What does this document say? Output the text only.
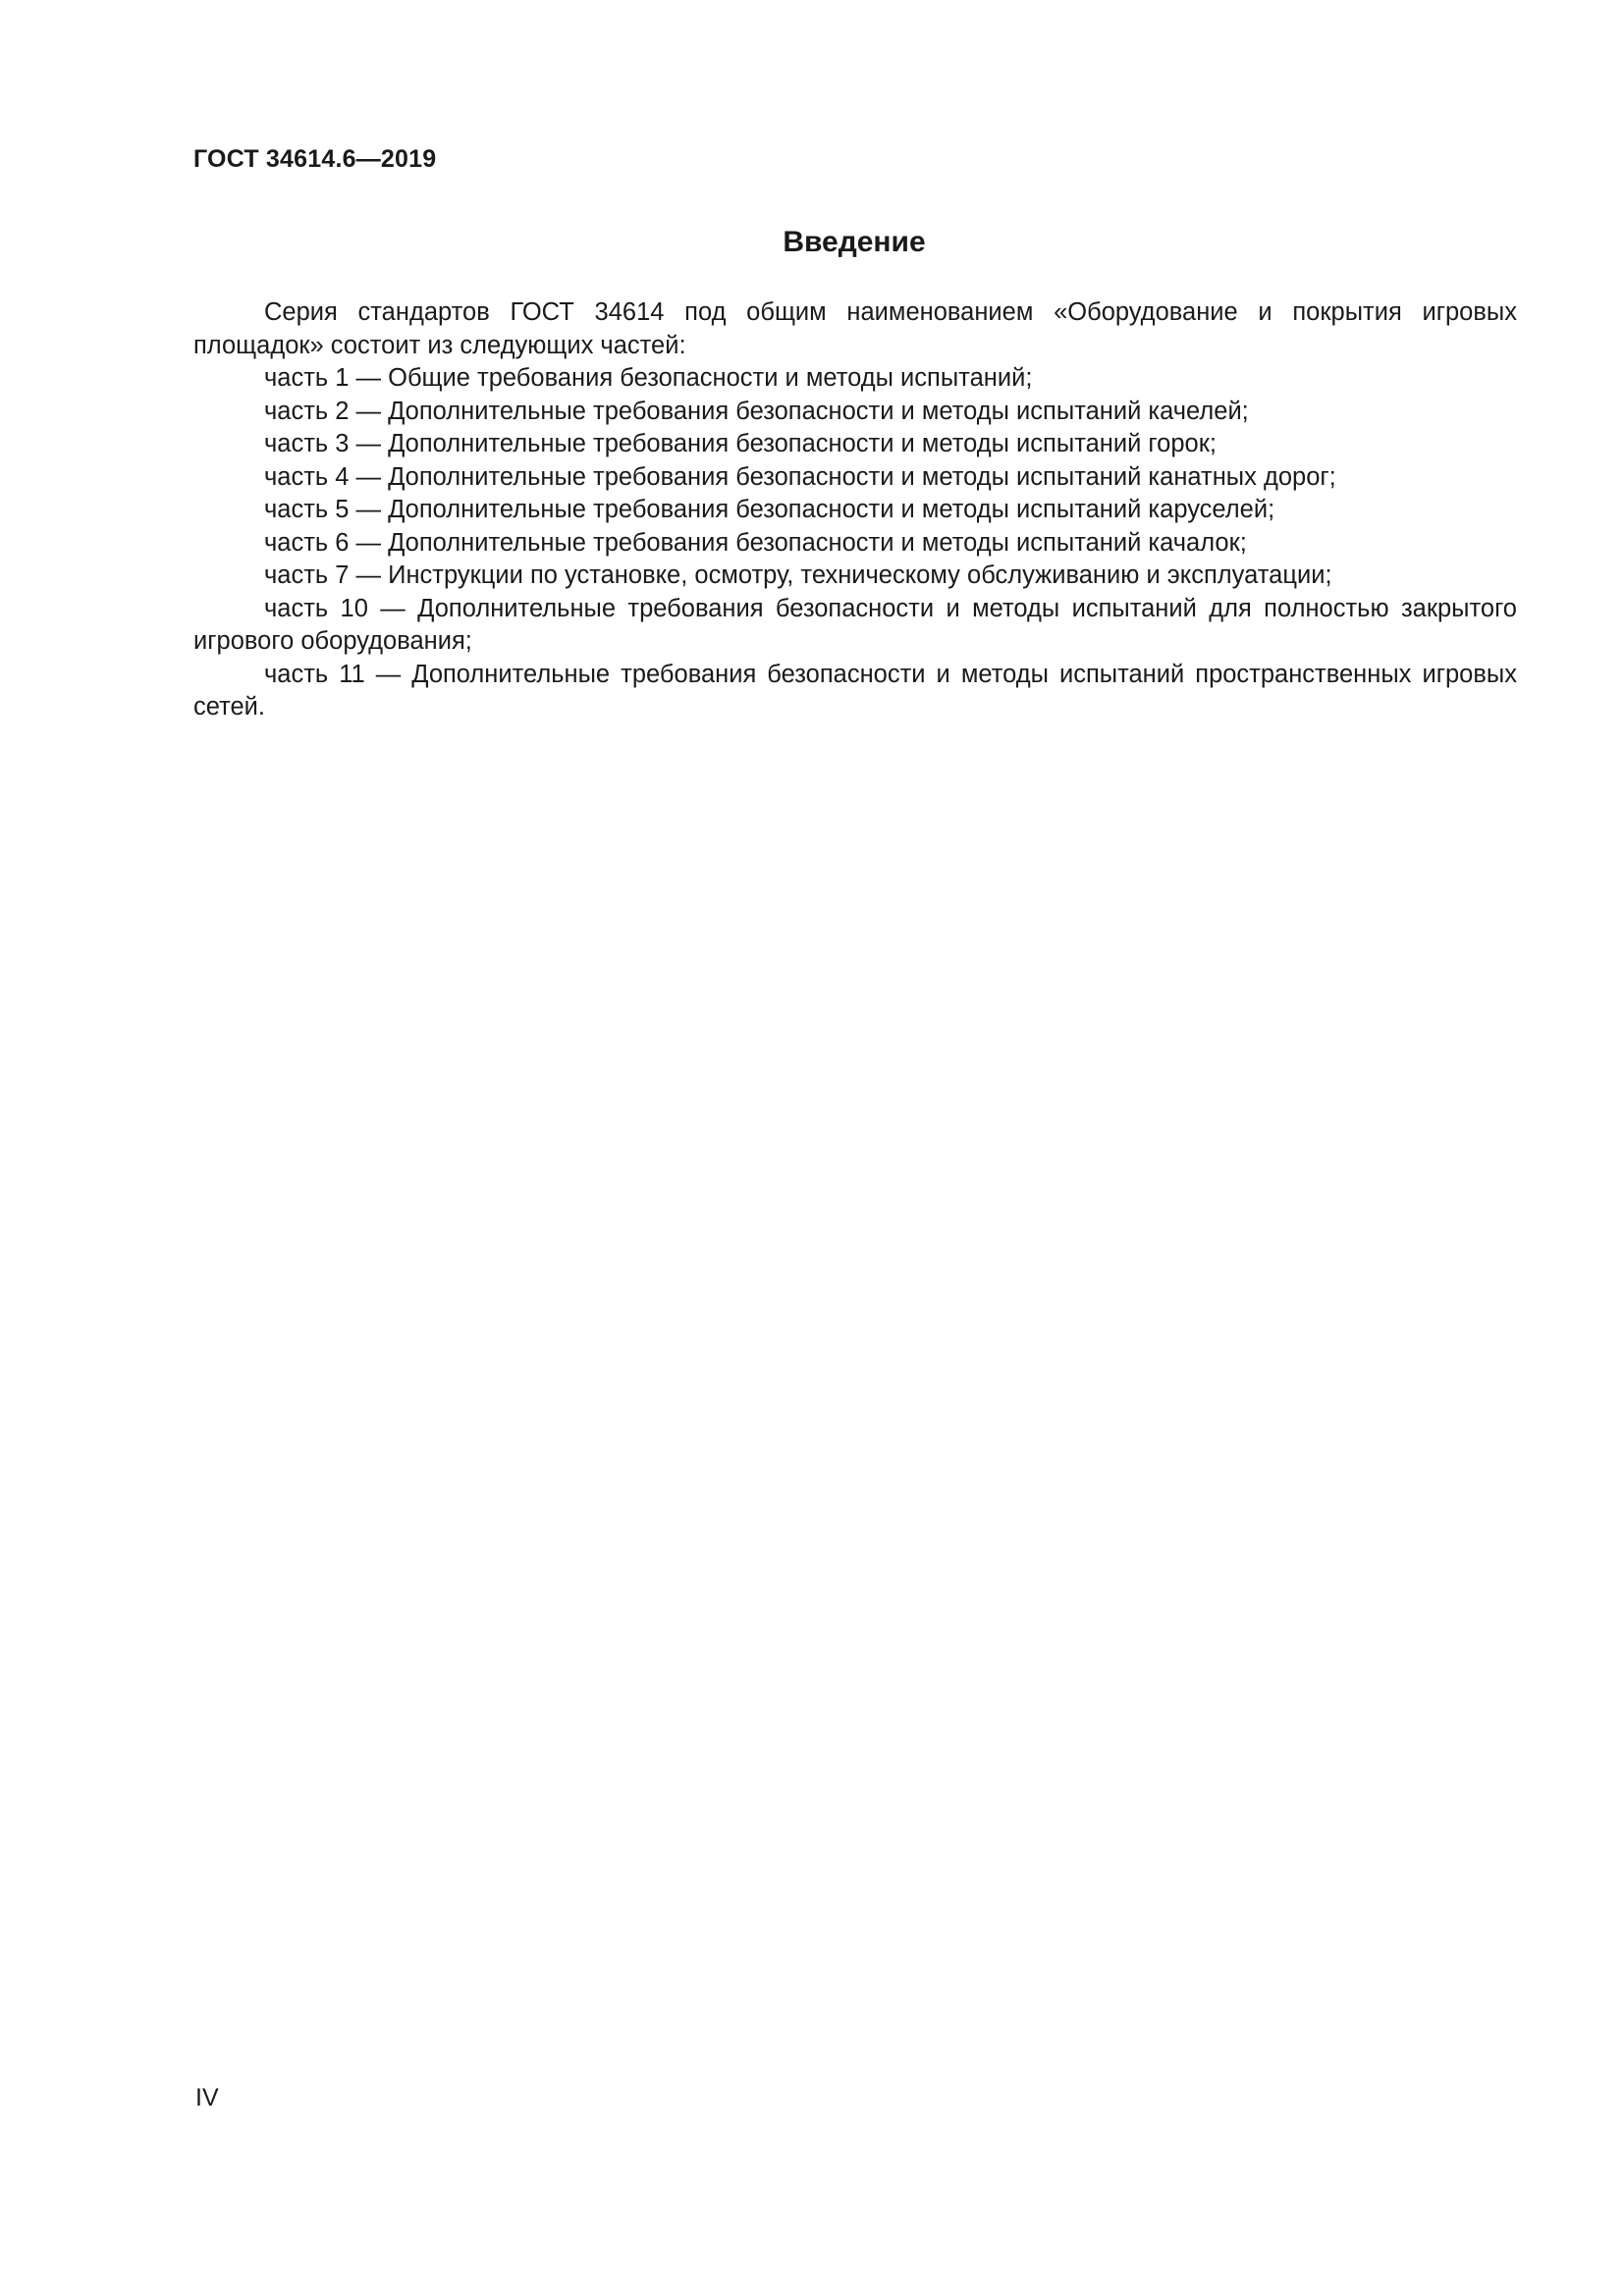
ГОСТ 34614.6—2019
Введение

Серия стандартов ГОСТ 34614 под общим наименованием «Оборудование и покрытия игровых площадок» состоит из следующих частей:

часть 1 — Общие требования безопасности и методы испытаний;

часть 2 — Дополнительные требования безопасности и методы испытаний качелей;

часть 3 — Дополнительные требования безопасности и методы испытаний горок;

часть 4 — Дополнительные требования безопасности и методы испытаний канатных дорог;

часть 5 — Дополнительные требования безопасности и методы испытаний каруселей;

часть 6 — Дополнительные требования безопасности и методы испытаний качалок;

часть 7 — Инструкции по установке, осмотру, техническому обслуживанию и эксплуатации;

часть 10 — Дополнительные требования безопасности и методы испытаний для полностью закрытого игрового оборудования;

часть 11 — Дополнительные требования безопасности и методы испытаний пространственных игровых сетей.

IV
